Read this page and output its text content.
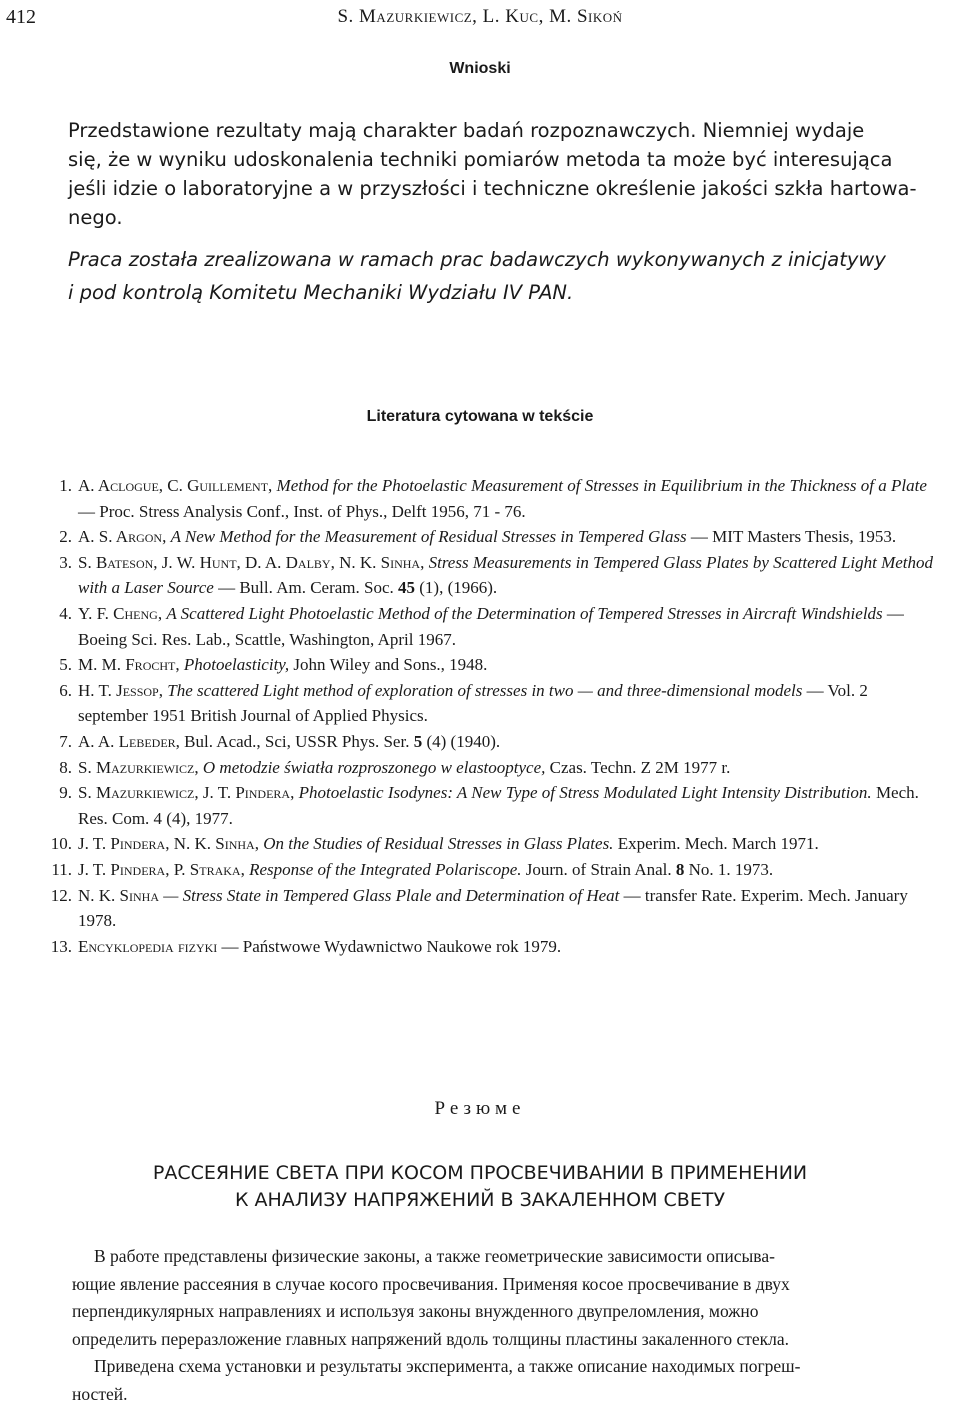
412	S. Mazurkiewicz, L. Kuc, M. Sikoń
Wnioski

Przedstawione rezultaty mają charakter badań rozpoznawczych. Niemniej wydaje
się, że w wyniku udoskonalenia techniki pomiarów metoda ta może być interesująca
jeśli idzie o laboratoryjne a w przyszłości i techniczne określenie jakości szkła hartowa-
nego.

Praca została zrealizowana w ramach prac badawczych wykonywanych z inicjatywy
i pod kontrolą Komitetu Mechaniki Wydziału IV PAN.

Literatura cytowana w tekście
1. A. Aclogue, C. Guillement, Method for the Photoelastic Measurement of Stresses in Equilibrium in the Thickness of a Plate — Proc. Stress Analysis Conf., Inst. of Phys., Delft 1956, 71 - 76.
2. A. S. Argon, A New Method for the Measurement of Residual Stresses in Tempered Glass — MIT Masters Thesis, 1953.
3. S. Bateson, J. W. Hunt, D. A. Dalby, N. K. Sinha, Stress Measurements in Tempered Glass Plates by Scattered Light Method with a Laser Source — Bull. Am. Ceram. Soc. 45 (1), (1966).
4. Y. F. Cheng, A Scattered Light Photoelastic Method of the Determination of Tempered Stresses in Aircraft Windshields — Boeing Sci. Res. Lab., Scattle, Washington, April 1967.
5. M. M. Frocht, Photoelasticity, John Wiley and Sons., 1948.
6. H. T. Jessop, The scattered Light method of exploration of stresses in two — and three-dimensional models — Vol. 2 september 1951 British Journal of Applied Physics.
7. A. A. Lebeder, Bul. Acad., Sci, USSR Phys. Ser. 5 (4) (1940).
8. S. Mazurkiewicz, O metodzie światła rozproszonego w elastooptyce, Czas. Techn. Z 2M 1977 r.
9. S. Mazurkiewicz, J. T. Pindera, Photoelastic Isodynes: A New Type of Stress Modulated Light Intensity Distribution. Mech. Res. Com. 4 (4), 1977.
10. J. T. Pindera, N. K. Sinha, On the Studies of Residual Stresses in Glass Plates. Experim. Mech. March 1971.
11. J. T. Pindera, P. Straka, Response of the Integrated Polariscope. Journ. of Strain Anal. 8 No. 1. 1973.
12. N. K. Sinha — Stress State in Tempered Glass Plale and Determination of Heat — transfer Rate. Experim. Mech. January 1978.
13. Encyklopedia fizyki — Państwowe Wydawnictwo Naukowe rok 1979.
Резюме
РАССЕЯНИЕ СВЕТА ПРИ КОСОМ ПРОСВЕЧИВАНИИ В ПРИМЕНЕНИИ
К АНАЛИЗУ НАПРЯЖЕНИЙ В ЗАКАЛЕННОМ СВЕТУ

В работе представлены физические законы, а также геометрические зависимости описыва-
ющие явление рассеяния в случае косого просвечивания. Применяя косое просвечивание в двух
перпендикулярных направлениях и используя законы внужденного двупреломления, можно
определить переразложение главных напряжений вдоль толщины пластины закаленного стекла.
Приведена схема установки и результаты эксперимента, а также описание находимых погреш-
ностей.
